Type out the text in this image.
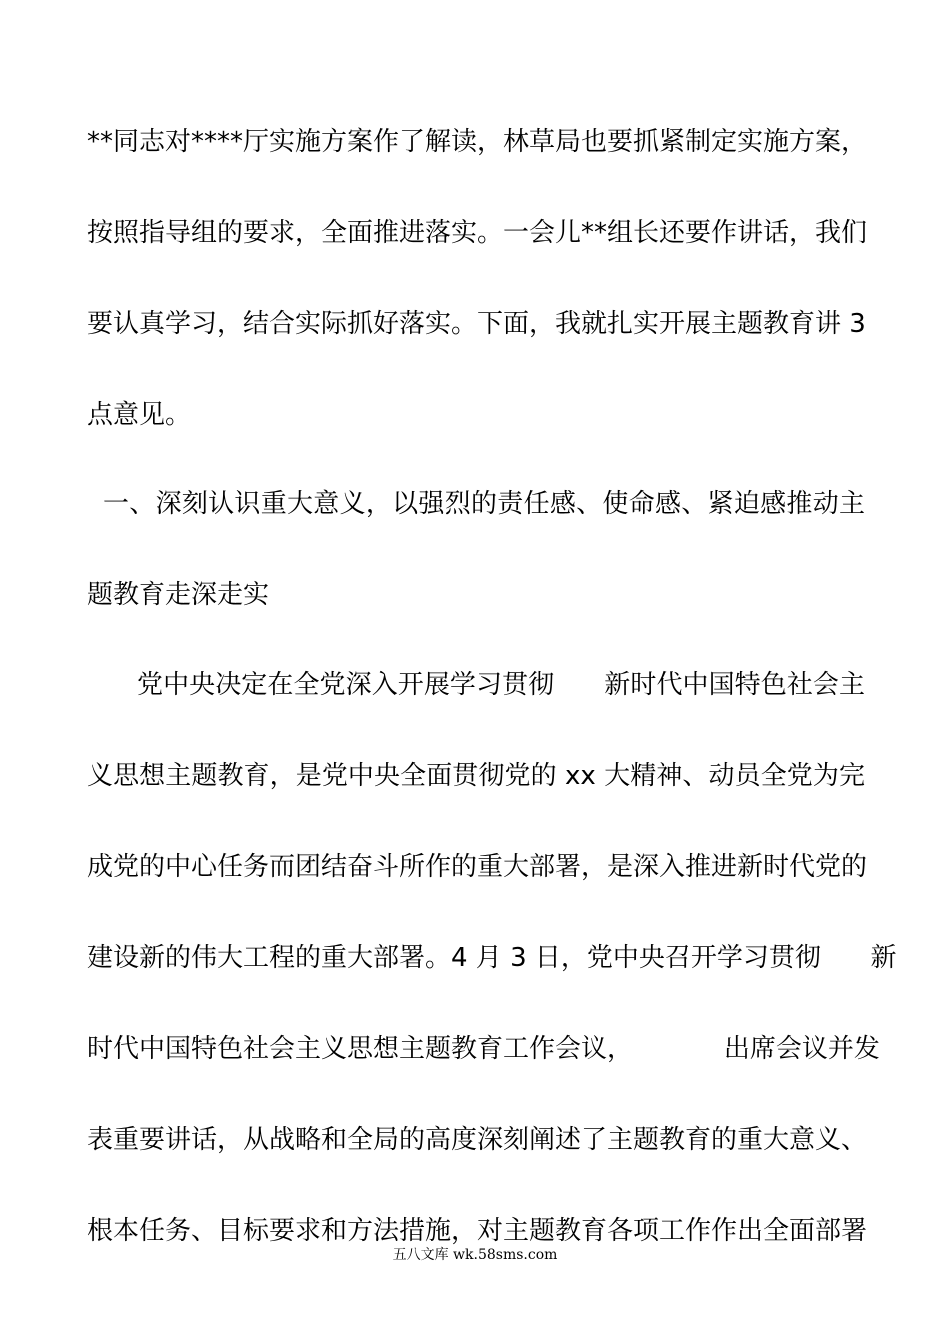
**同志对****厅实施方案作了解读，林草局也要抓紧制定实施方案，
按照指导组的要求，全面推进落实。一会儿**组长还要作讲话，我们
要认真学习，结合实际抓好落实。下面，我就扎实开展主题教育讲 3
点意见。
一、深刻认识重大意义，以强烈的责任感、使命感、紧迫感推动主
题教育走深走实
党中央决定在全党深入开展学习贯彻      新时代中国特色社会主
义思想主题教育，是党中央全面贯彻党的 xx 大精神、动员全党为完
成党的中心任务而团结奋斗所作的重大部署，是深入推进新时代党的
建设新的伟大工程的重大部署。4 月 3 日，党中央召开学习贯彻      新
时代中国特色社会主义思想主题教育工作会议，           出席会议并发
表重要讲话，从战略和全局的高度深刻阐述了主题教育的重大意义、
根本任务、目标要求和方法措施，对主题教育各项工作作出全面部署
五八文库 wk.58sms.com
